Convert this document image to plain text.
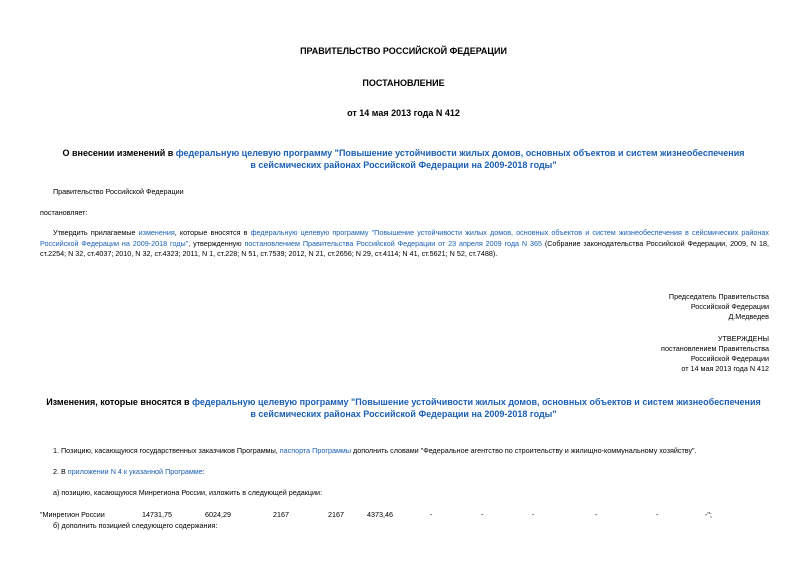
ПРАВИТЕЛЬСТВО РОССИЙСКОЙ ФЕДЕРАЦИИ
ПОСТАНОВЛЕНИЕ
от 14 мая 2013 года N 412
О внесении изменений в федеральную целевую программу "Повышение устойчивости жилых домов, основных объектов и систем жизнеобеспечения в сейсмических районах Российской Федерации на 2009-2018 годы"
Правительство Российской Федерации
постановляет:
Утвердить прилагаемые изменения, которые вносятся в федеральную целевую программу "Повышение устойчивости жилых домов, основных объектов и систем жизнеобеспечения в сейсмических районах Российской Федерации на 2009-2018 годы", утвержденную постановлением Правительства Российской Федерации от 23 апреля 2009 года N 365 (Собрание законодательства Российской Федерации, 2009, N 18, ст.2254; N 32, ст.4037; 2010, N 32, ст.4323; 2011, N 1, ст.228; N 51, ст.7539; 2012, N 21, ст.2656; N 29, ст.4114; N 41, ст.5621; N 52, ст.7488).
Председатель Правительства
Российской Федерации
Д.Медведев
УТВЕРЖДЕНЫ
постановлением Правительства
Российской Федерации
от 14 мая 2013 года N 412
Изменения, которые вносятся в федеральную целевую программу "Повышение устойчивости жилых домов, основных объектов и систем жизнеобеспечения в сейсмических районах Российской Федерации на 2009-2018 годы"
1. Позицию, касающуюся государственных заказчиков Программы, паспорта Программы дополнить словами "Федеральное агентство по строительству и жилищно-коммунальному хозяйству".
2. В приложении N 4 к указанной Программе:
а) позицию, касающуюся Минрегиона России, изложить в следующей редакции:
"Минрегион России	14731,75	6024,29	2167	2167	4373,46	-	-	-	-	-	-";
б) дополнить позицией следующего содержания:
